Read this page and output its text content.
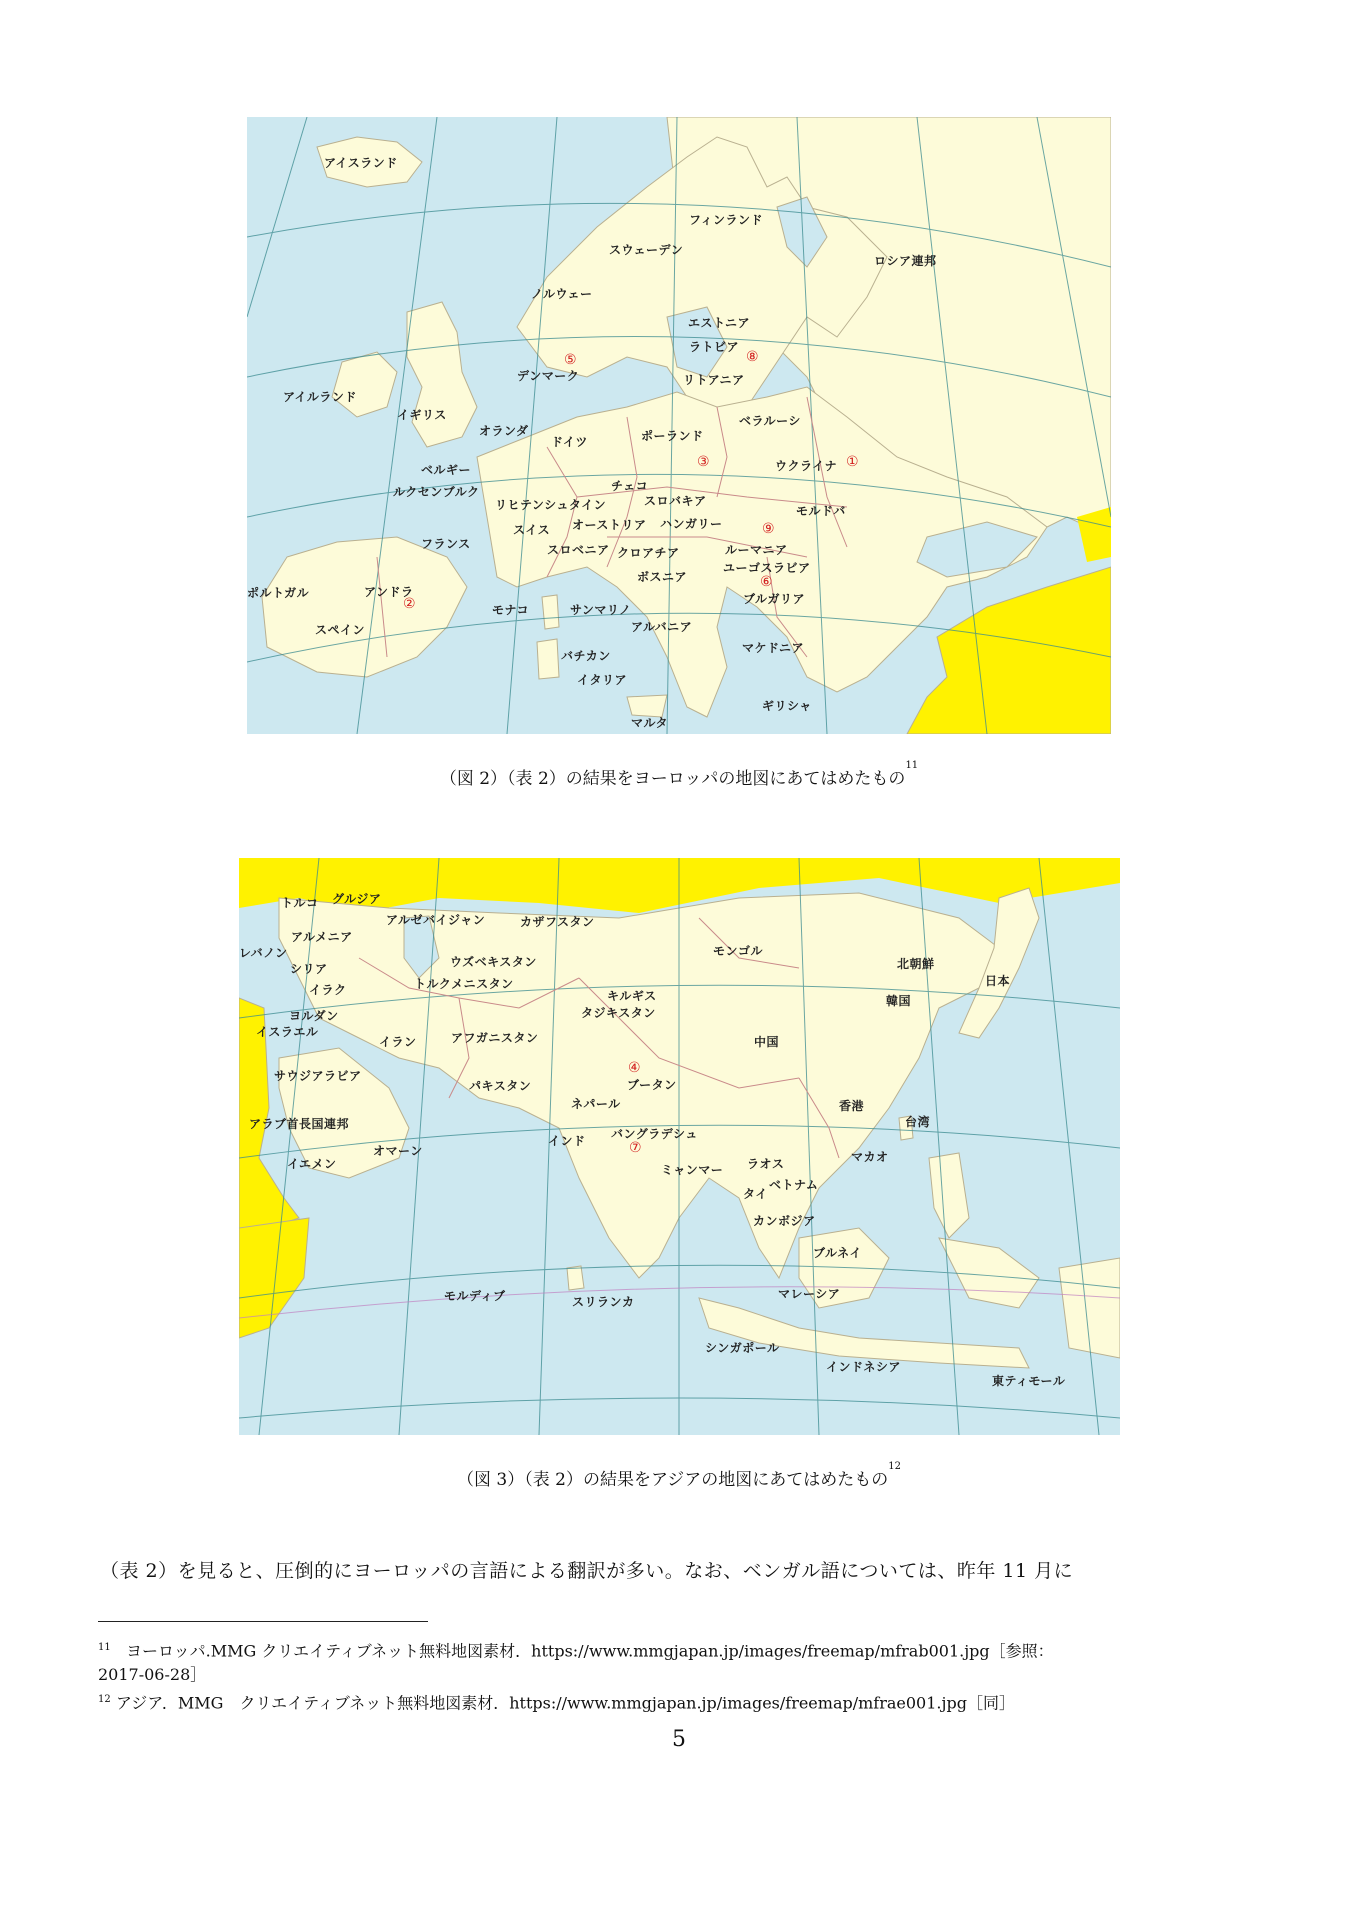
アイスランド
フィンランド
スウェーデン
ロシア連邦
ノルウェー
エストニア
ラトビア
⑧
⑤
デンマーク	リトアニア
アイルランド
イギリス	ベラルーシ
オランダ
ドイツ	ポーランド
③	ウクライナ ①
ベルギー
チェコ
ルクセンブルク
スロバキア
リヒテンシュタイン	モルドバ
スイス オーストリア ハンガリー	⑨
フランス	スロベニア クロアチア	ルーマニア
ユーゴスラビア
ボスニア	⑥
ポルトガル	アンドラ	ブルガリア
②	モナコ	サンマリノ
スペイン	アルバニア
バチカン
マケドニア
イタリア
ギリシャ
マルタ
（図 2）（表 2）の結果をヨーロッパの地図にあてはめたもの$^{11}$
トルコ グルジア
アルゼバイジャン	カザフスタン
アルメニア
レバノン
ウズベキスタン
モンゴル
シリア
トルクメニスタン
北朝鮮
日本
イラク	キルギス	韓国
ヨルダン	タジキスタン
イスラエル
イラン	アフガニスタン	中国
④
サウジアラビア
パキスタン	ブータン
ネパール	香港
アラブ首長国連邦	台湾
バングラデシュ
インド	⑦
オマーン
ラオス	マカオ
イエメン	ミャンマー
ベトナム
タイ
カンボジア
ブルネイ
モルディブ	スリランカ
マレーシア
シンガポール
インドネシア
東ティモール
（図 3）（表 2）の結果をアジアの地図にあてはめたもの$^{12}$
（表 2）を見ると、圧倒的にヨーロッパの言語による翻訳が多い。なお、ベンガル語については、昨年 11 月に
$^{11}$ ヨーロッパ.MMG クリエイティブネット無料地図素材．https://www.mmgjapan.jp/images/freemap/mfrab001.jpg［参照：
2017-06-28］
$^{12}$ アジア．MMG　クリエイティブネット無料地図素材．https://www.mmgjapan.jp/images/freemap/mfrae001.jpg［同］
5
